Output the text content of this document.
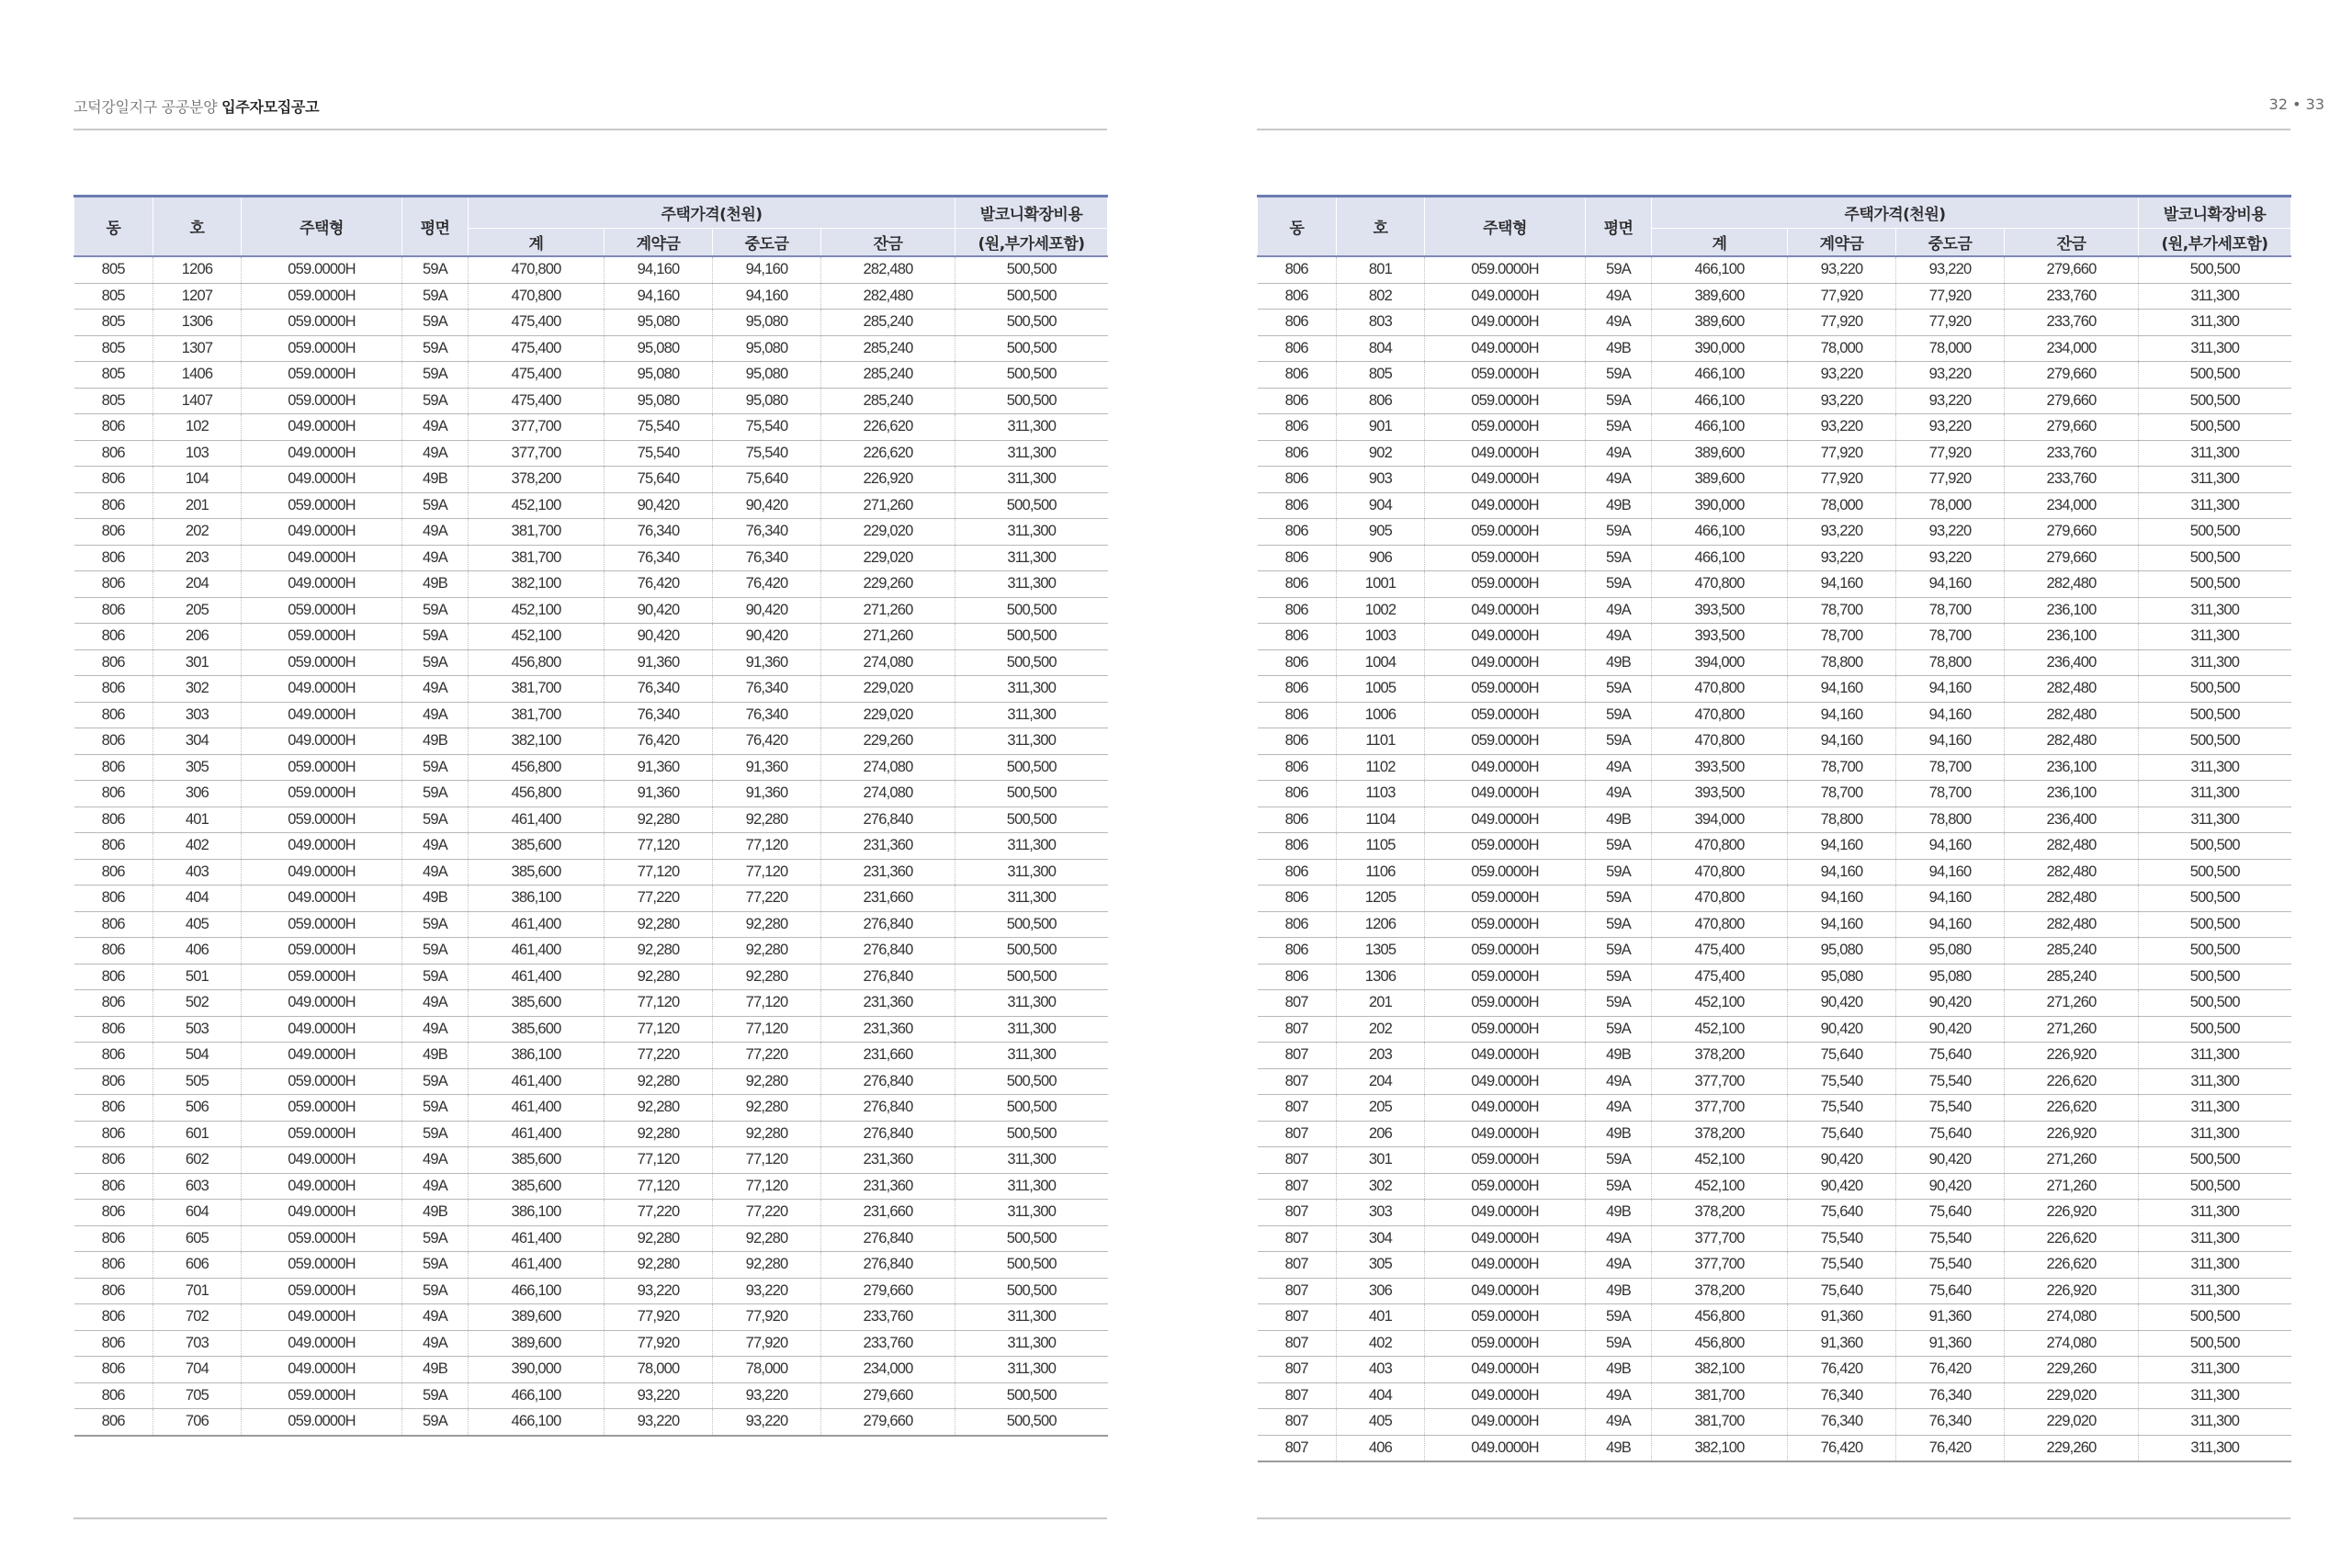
고덕강일지구 공공분양 입주자모집공고	32 • 33
동	호	주택형	평면	주택가격(천원)				발코니확장비용
				계	계약금	중도금	잔금	(원,부가세포함)
805	1206	059.0000H	59A	470,800	94,160	94,160	282,480	500,500
805	1207	059.0000H	59A	470,800	94,160	94,160	282,480	500,500
805	1306	059.0000H	59A	475,400	95,080	95,080	285,240	500,500
805	1307	059.0000H	59A	475,400	95,080	95,080	285,240	500,500
805	1406	059.0000H	59A	475,400	95,080	95,080	285,240	500,500
805	1407	059.0000H	59A	475,400	95,080	95,080	285,240	500,500
806	102	049.0000H	49A	377,700	75,540	75,540	226,620	311,300
806	103	049.0000H	49A	377,700	75,540	75,540	226,620	311,300
806	104	049.0000H	49B	378,200	75,640	75,640	226,920	311,300
806	201	059.0000H	59A	452,100	90,420	90,420	271,260	500,500
806	202	049.0000H	49A	381,700	76,340	76,340	229,020	311,300
806	203	049.0000H	49A	381,700	76,340	76,340	229,020	311,300
806	204	049.0000H	49B	382,100	76,420	76,420	229,260	311,300
806	205	059.0000H	59A	452,100	90,420	90,420	271,260	500,500
806	206	059.0000H	59A	452,100	90,420	90,420	271,260	500,500
806	301	059.0000H	59A	456,800	91,360	91,360	274,080	500,500
806	302	049.0000H	49A	381,700	76,340	76,340	229,020	311,300
806	303	049.0000H	49A	381,700	76,340	76,340	229,020	311,300
806	304	049.0000H	49B	382,100	76,420	76,420	229,260	311,300
806	305	059.0000H	59A	456,800	91,360	91,360	274,080	500,500
806	306	059.0000H	59A	456,800	91,360	91,360	274,080	500,500
806	401	059.0000H	59A	461,400	92,280	92,280	276,840	500,500
806	402	049.0000H	49A	385,600	77,120	77,120	231,360	311,300
806	403	049.0000H	49A	385,600	77,120	77,120	231,360	311,300
806	404	049.0000H	49B	386,100	77,220	77,220	231,660	311,300
806	405	059.0000H	59A	461,400	92,280	92,280	276,840	500,500
806	406	059.0000H	59A	461,400	92,280	92,280	276,840	500,500
806	501	059.0000H	59A	461,400	92,280	92,280	276,840	500,500
806	502	049.0000H	49A	385,600	77,120	77,120	231,360	311,300
806	503	049.0000H	49A	385,600	77,120	77,120	231,360	311,300
806	504	049.0000H	49B	386,100	77,220	77,220	231,660	311,300
806	505	059.0000H	59A	461,400	92,280	92,280	276,840	500,500
806	506	059.0000H	59A	461,400	92,280	92,280	276,840	500,500
806	601	059.0000H	59A	461,400	92,280	92,280	276,840	500,500
806	602	049.0000H	49A	385,600	77,120	77,120	231,360	311,300
806	603	049.0000H	49A	385,600	77,120	77,120	231,360	311,300
806	604	049.0000H	49B	386,100	77,220	77,220	231,660	311,300
806	605	059.0000H	59A	461,400	92,280	92,280	276,840	500,500
806	606	059.0000H	59A	461,400	92,280	92,280	276,840	500,500
806	701	059.0000H	59A	466,100	93,220	93,220	279,660	500,500
806	702	049.0000H	49A	389,600	77,920	77,920	233,760	311,300
806	703	049.0000H	49A	389,600	77,920	77,920	233,760	311,300
806	704	049.0000H	49B	390,000	78,000	78,000	234,000	311,300
806	705	059.0000H	59A	466,100	93,220	93,220	279,660	500,500
806	706	059.0000H	59A	466,100	93,220	93,220	279,660	500,500
동	호	주택형	평면	주택가격(천원)				발코니확장비용
				계	계약금	중도금	잔금	(원,부가세포함)
806	801	059.0000H	59A	466,100	93,220	93,220	279,660	500,500
806	802	049.0000H	49A	389,600	77,920	77,920	233,760	311,300
806	803	049.0000H	49A	389,600	77,920	77,920	233,760	311,300
806	804	049.0000H	49B	390,000	78,000	78,000	234,000	311,300
806	805	059.0000H	59A	466,100	93,220	93,220	279,660	500,500
806	806	059.0000H	59A	466,100	93,220	93,220	279,660	500,500
806	901	059.0000H	59A	466,100	93,220	93,220	279,660	500,500
806	902	049.0000H	49A	389,600	77,920	77,920	233,760	311,300
806	903	049.0000H	49A	389,600	77,920	77,920	233,760	311,300
806	904	049.0000H	49B	390,000	78,000	78,000	234,000	311,300
806	905	059.0000H	59A	466,100	93,220	93,220	279,660	500,500
806	906	059.0000H	59A	466,100	93,220	93,220	279,660	500,500
806	1001	059.0000H	59A	470,800	94,160	94,160	282,480	500,500
806	1002	049.0000H	49A	393,500	78,700	78,700	236,100	311,300
806	1003	049.0000H	49A	393,500	78,700	78,700	236,100	311,300
806	1004	049.0000H	49B	394,000	78,800	78,800	236,400	311,300
806	1005	059.0000H	59A	470,800	94,160	94,160	282,480	500,500
806	1006	059.0000H	59A	470,800	94,160	94,160	282,480	500,500
806	1101	059.0000H	59A	470,800	94,160	94,160	282,480	500,500
806	1102	049.0000H	49A	393,500	78,700	78,700	236,100	311,300
806	1103	049.0000H	49A	393,500	78,700	78,700	236,100	311,300
806	1104	049.0000H	49B	394,000	78,800	78,800	236,400	311,300
806	1105	059.0000H	59A	470,800	94,160	94,160	282,480	500,500
806	1106	059.0000H	59A	470,800	94,160	94,160	282,480	500,500
806	1205	059.0000H	59A	470,800	94,160	94,160	282,480	500,500
806	1206	059.0000H	59A	470,800	94,160	94,160	282,480	500,500
806	1305	059.0000H	59A	475,400	95,080	95,080	285,240	500,500
806	1306	059.0000H	59A	475,400	95,080	95,080	285,240	500,500
807	201	059.0000H	59A	452,100	90,420	90,420	271,260	500,500
807	202	059.0000H	59A	452,100	90,420	90,420	271,260	500,500
807	203	049.0000H	49B	378,200	75,640	75,640	226,920	311,300
807	204	049.0000H	49A	377,700	75,540	75,540	226,620	311,300
807	205	049.0000H	49A	377,700	75,540	75,540	226,620	311,300
807	206	049.0000H	49B	378,200	75,640	75,640	226,920	311,300
807	301	059.0000H	59A	452,100	90,420	90,420	271,260	500,500
807	302	059.0000H	59A	452,100	90,420	90,420	271,260	500,500
807	303	049.0000H	49B	378,200	75,640	75,640	226,920	311,300
807	304	049.0000H	49A	377,700	75,540	75,540	226,620	311,300
807	305	049.0000H	49A	377,700	75,540	75,540	226,620	311,300
807	306	049.0000H	49B	378,200	75,640	75,640	226,920	311,300
807	401	059.0000H	59A	456,800	91,360	91,360	274,080	500,500
807	402	059.0000H	59A	456,800	91,360	91,360	274,080	500,500
807	403	049.0000H	49B	382,100	76,420	76,420	229,260	311,300
807	404	049.0000H	49A	381,700	76,340	76,340	229,020	311,300
807	405	049.0000H	49A	381,700	76,340	76,340	229,020	311,300
807	406	049.0000H	49B	382,100	76,420	76,420	229,260	311,300
